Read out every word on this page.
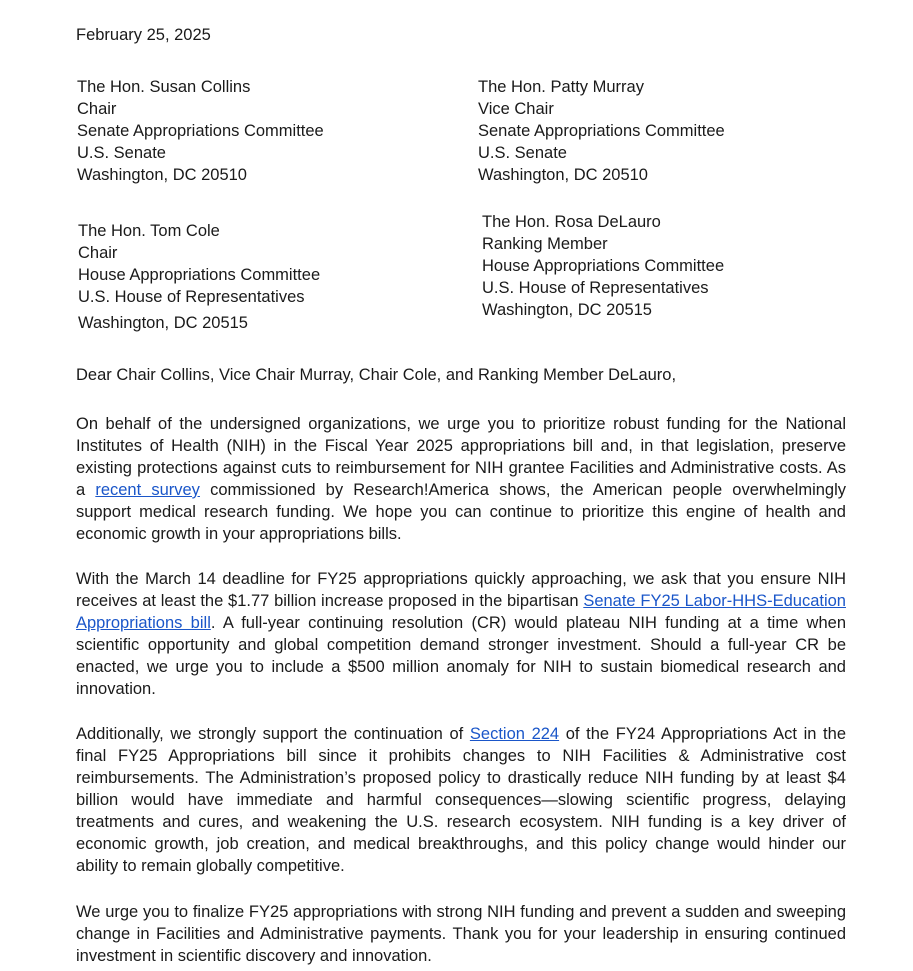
February 25, 2025
The Hon. Susan Collins
Chair
Senate Appropriations Committee
U.S. Senate
Washington, DC 20510
The Hon. Patty Murray
Vice Chair
Senate Appropriations Committee
U.S. Senate
Washington, DC 20510
The Hon. Tom Cole
Chair
House Appropriations Committee
U.S. House of Representatives
Washington, DC 20515
The Hon. Rosa DeLauro
Ranking Member
House Appropriations Committee
U.S. House of Representatives
Washington, DC 20515
Dear Chair Collins, Vice Chair Murray, Chair Cole, and Ranking Member DeLauro,
On behalf of the undersigned organizations, we urge you to prioritize robust funding for the National Institutes of Health (NIH) in the Fiscal Year 2025 appropriations bill and, in that legislation, preserve existing protections against cuts to reimbursement for NIH grantee Facilities and Administrative costs. As a recent survey commissioned by Research!America shows, the American people overwhelmingly support medical research funding. We hope you can continue to prioritize this engine of health and economic growth in your appropriations bills.
With the March 14 deadline for FY25 appropriations quickly approaching, we ask that you ensure NIH receives at least the $1.77 billion increase proposed in the bipartisan Senate FY25 Labor-HHS-Education Appropriations bill. A full-year continuing resolution (CR) would plateau NIH funding at a time when scientific opportunity and global competition demand stronger investment. Should a full-year CR be enacted, we urge you to include a $500 million anomaly for NIH to sustain biomedical research and innovation.
Additionally, we strongly support the continuation of Section 224 of the FY24 Appropriations Act in the final FY25 Appropriations bill since it prohibits changes to NIH Facilities & Administrative cost reimbursements. The Administration’s proposed policy to drastically reduce NIH funding by at least $4 billion would have immediate and harmful consequences—slowing scientific progress, delaying treatments and cures, and weakening the U.S. research ecosystem. NIH funding is a key driver of economic growth, job creation, and medical breakthroughs, and this policy change would hinder our ability to remain globally competitive.
We urge you to finalize FY25 appropriations with strong NIH funding and prevent a sudden and sweeping change in Facilities and Administrative payments. Thank you for your leadership in ensuring continued investment in scientific discovery and innovation.
